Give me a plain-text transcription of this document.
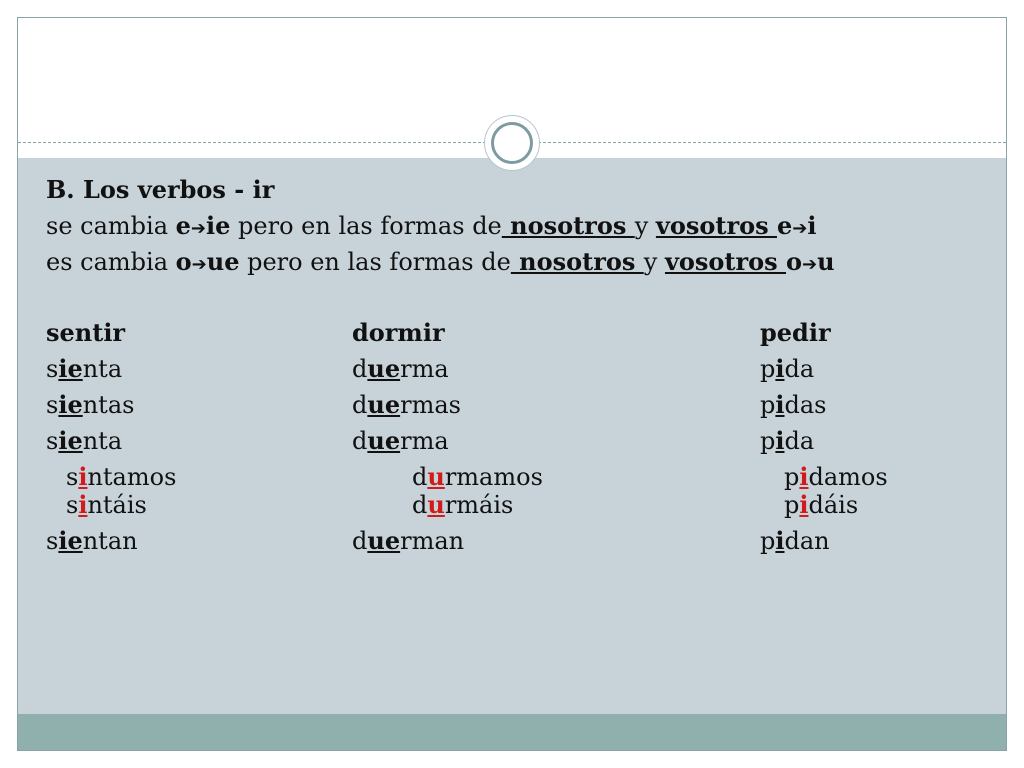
B. Los verbos - ir
se cambia e➔ie pero en las formas de nosotros y vosotros e➔i
es cambia o➔ue pero en las formas de nosotros y vosotros o➔u
sentir
sienta
sientas
sienta
sintamos
sintáis
sientan
dormir
duerma
duermas
duerma
durmamos
durmáis
duerman
pedir
pida
pidas
pida
pidamos
pidáis
pidan
